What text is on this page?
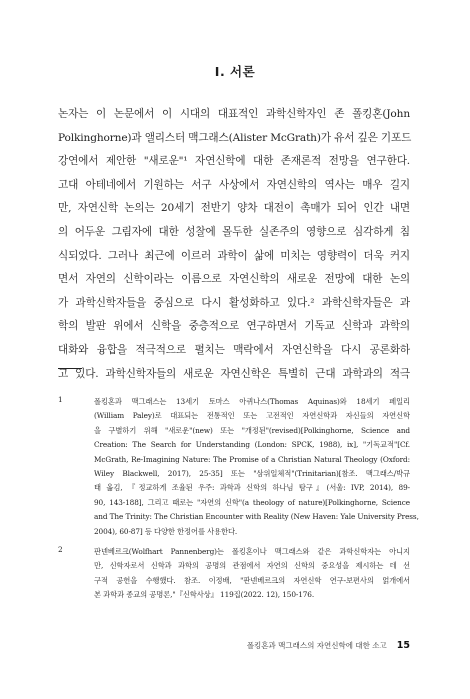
I. 서론
논자는 이 논문에서 이 시대의 대표적인 과학신학자인 존 폴킹혼(John
Polkinghorne)과 앨리스터 맥그래스(Alister McGrath)가 유서 깊은 기포드
강연에서 제안한 "새로운"¹ 자연신학에 대한 존재론적 전망을 연구한다.
고대 아테네에서 기원하는 서구 사상에서 자연신학의 역사는 매우 길지
만, 자연신학 논의는 20세기 전반기 양차 대전이 촉매가 되어 인간 내면
의 어두운 그림자에 대한 성찰에 몰두한 실존주의 영향으로 심각하게 침
식되었다. 그러나 최근에 이르러 과학이 삶에 미치는 영향력이 더욱 커지
면서 자연의 신학이라는 이름으로 자연신학의 새로운 전망에 대한 논의
가 과학신학자들을 중심으로 다시 활성화하고 있다.² 과학신학자들은 과
학의 발판 위에서 신학을 중층적으로 연구하면서 기독교 신학과 과학의
대화와 융합을 적극적으로 펼치는 맥락에서 자연신학을 다시 공론화하
고 있다. 과학신학자들의 새로운 자연신학은 특별히 근대 과학과의 적극
1	폴킹혼과 맥그래스는 13세기 토마스 아퀴나스(Thomas Aquinas)와 18세기 페일리
(William Paley)로 대표되는 전통적인 또는 고전적인 자연신학과 자신들의 자연신학
을 구별하기 위해 "새로운"(new) 또는 "개정된"(revised)[Polkinghorne, Science and
Creation: The Search for Understanding (London: SPCK, 1988), ix], "기독교적"[Cf.
McGrath, Re-Imagining Nature: The Promise of a Christian Natural Theology (Oxford:
Wiley Blackwell, 2017), 25-35] 또는 "삼위일체적"(Trinitarian)[참조. 맥그래스/박규
태 옮김, 『정교하게 조율된 우주: 과학과 신학의 하나님 탐구』(서울: IVP, 2014), 89-
90, 143-188], 그리고 때로는 "자연의 신학"(a theology of nature)[Polkinghorne, Science
and The Trinity: The Christian Encounter with Reality (New Haven: Yale University Press,
2004), 60-87] 등 다양한 한정어를 사용한다.
2	판넨베르크(Wolfhart Pannenberg)는 폴킹혼이나 맥그래스와 같은 과학신학자는 아니지
만, 신학자로서 신학과 과학의 공명의 관점에서 자연의 신학의 중요성을 제시하는 데 선
구적 공헌을 수행했다. 참조. 이정배, "판넨베르크의 자연신학 연구-보편사의 얽개에서
본 과학과 종교의 공명론,"『신학사상』 119집(2022. 12), 150-176.
폴킹혼과 맥그래스의 자연신학에 대한 소고 15
